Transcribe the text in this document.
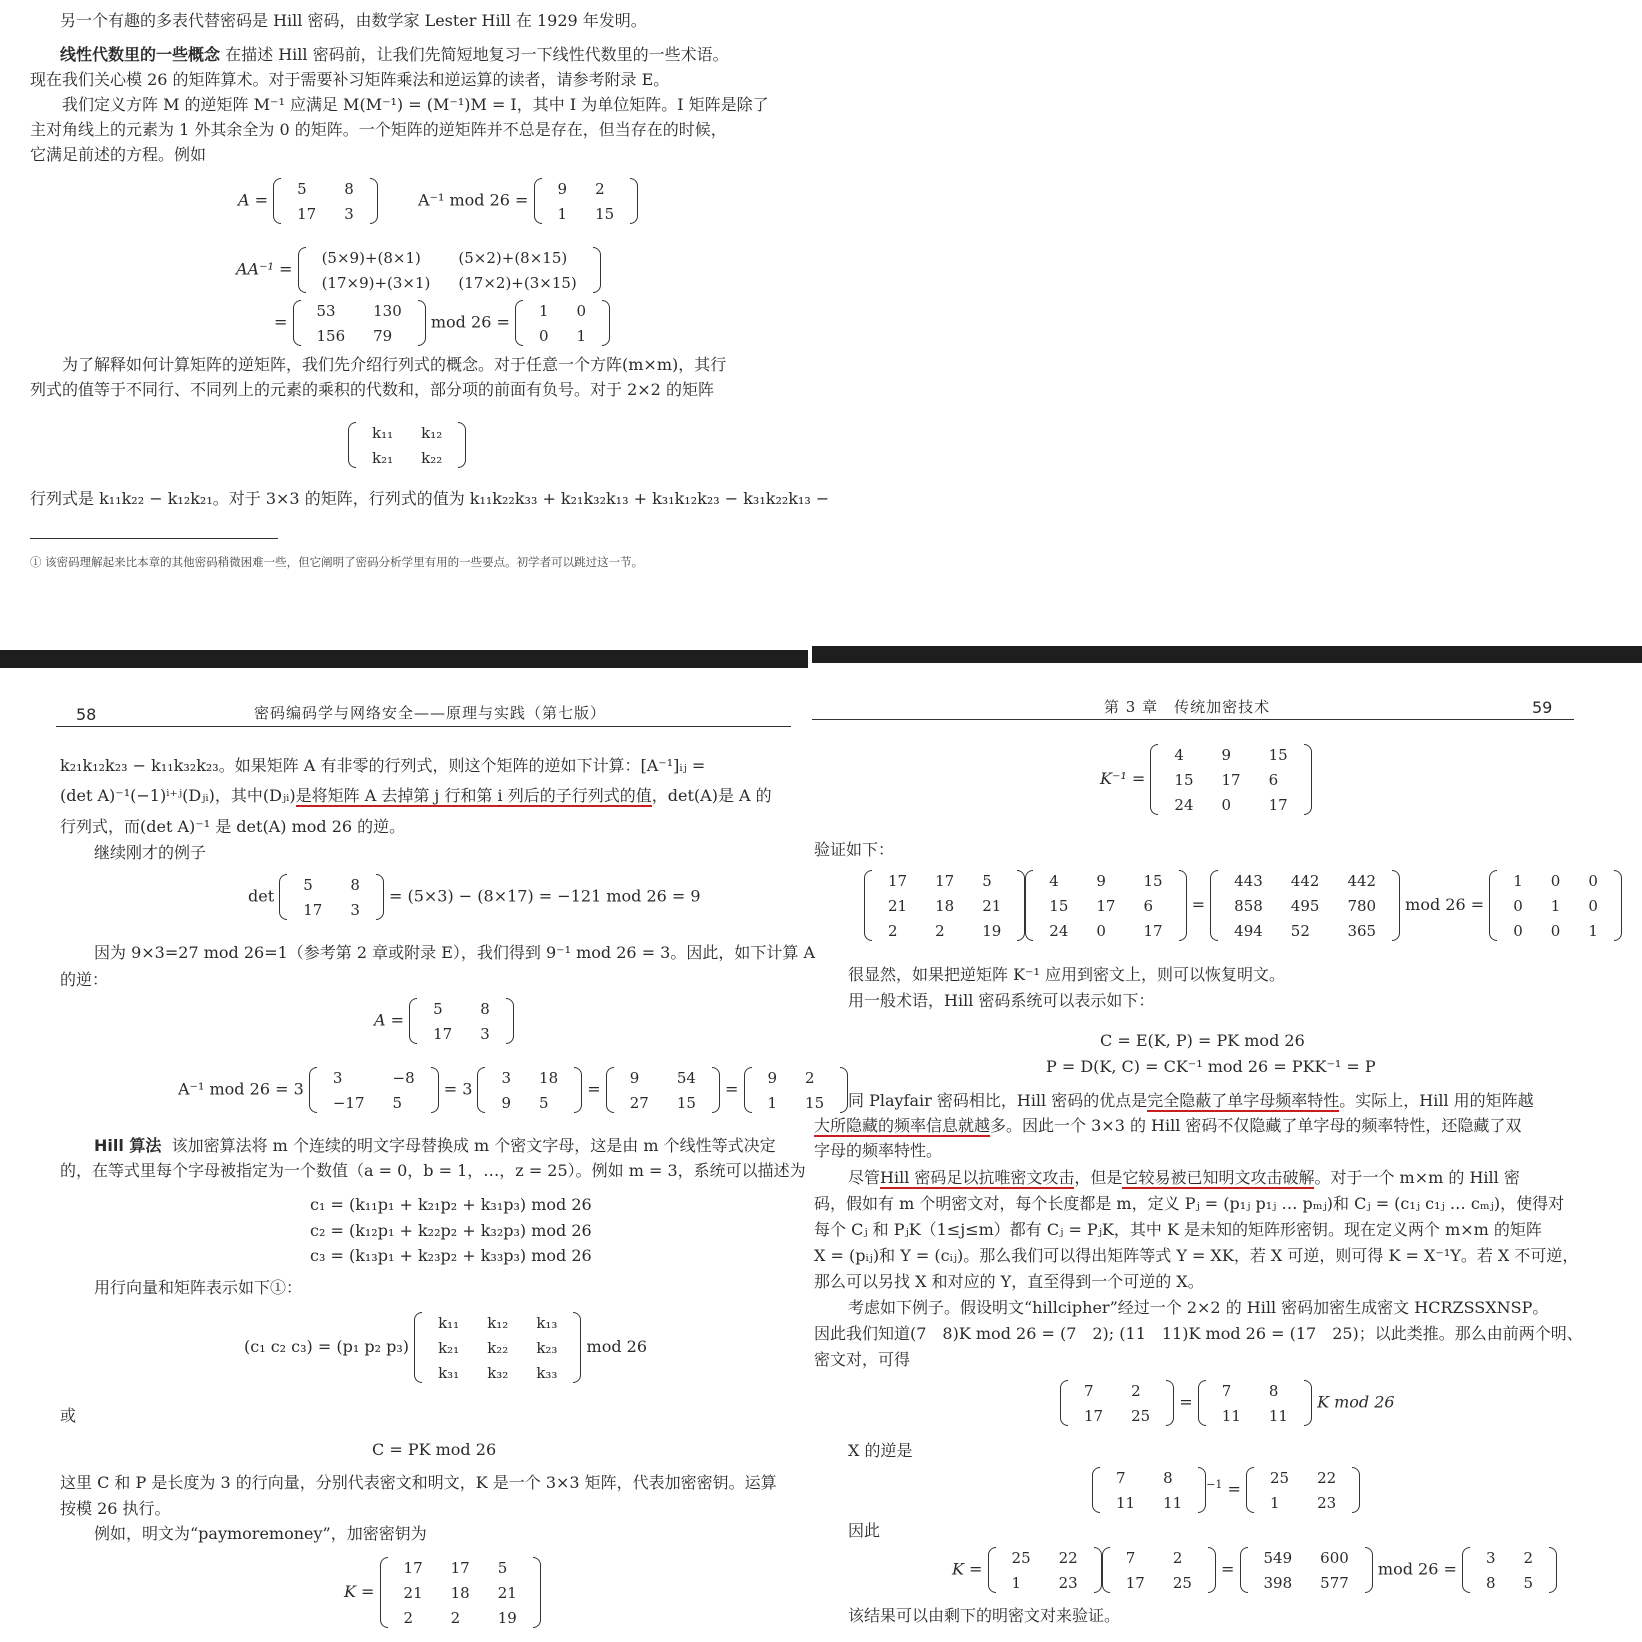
另一个有趣的多表代替密码是 Hill 密码，由数学家 Lester Hill 在 1929 年发明。
线性代数里的一些概念 在描述 Hill 密码前，让我们先简短地复习一下线性代数里的一些术语。
现在我们关心模 26 的矩阵算术。对于需要补习矩阵乘法和逆运算的读者，请参考附录 E。
我们定义方阵 M 的逆矩阵 M⁻¹ 应满足 M(M⁻¹) = (M⁻¹)M = I，其中 I 为单位矩阵。I 矩阵是除了
主对角线上的元素为 1 外其余全为 0 的矩阵。一个矩阵的逆矩阵并不总是存在，但当存在的时候，
它满足前述的方程。例如
A =
5	8
17	3
A⁻¹ mod 26 =
9	2
1	15
AA⁻¹ =
(5×9)+(8×1)	(5×2)+(8×15)
(17×9)+(3×1)	(17×2)+(3×15)
=
53	130
156	79
mod 26 =
1	0
0	1
为了解释如何计算矩阵的逆矩阵，我们先介绍行列式的概念。对于任意一个方阵(m×m)，其行
列式的值等于不同行、不同列上的元素的乘积的代数和，部分项的前面有负号。对于 2×2 的矩阵
k₁₁	k₁₂
k₂₁	k₂₂
行列式是 k₁₁k₂₂ − k₁₂k₂₁。对于 3×3 的矩阵，行列式的值为 k₁₁k₂₂k₃₃ + k₂₁k₃₂k₁₃ + k₃₁k₁₂k₂₃ − k₃₁k₂₂k₁₃ −
① 该密码理解起来比本章的其他密码稍微困难一些，但它阐明了密码分析学里有用的一些要点。初学者可以跳过这一节。
58	密码编码学与网络安全——原理与实践（第七版）
k₂₁k₁₂k₂₃ − k₁₁k₃₂k₂₃。如果矩阵 A 有非零的行列式，则这个矩阵的逆如下计算：[A⁻¹]ᵢⱼ =
(det A)⁻¹(−1)ⁱ⁺ʲ(Dⱼᵢ)，其中(Dⱼᵢ)是将矩阵 A 去掉第 j 行和第 i 列后的子行列式的值，det(A)是 A 的
行列式，而(det A)⁻¹ 是 det(A) mod 26 的逆。
继续刚才的例子
det
5	8
17	3
= (5×3) − (8×17) = −121 mod 26 = 9
因为 9×3=27 mod 26=1（参考第 2 章或附录 E），我们得到 9⁻¹ mod 26 = 3。因此，如下计算 A
的逆：
A =
5	8
17	3
A⁻¹ mod 26 = 3
3	−8
−17	5
= 3
3	18
9	5
=
9	54
27	15
=
9	2
1	15
Hill 算法 该加密算法将 m 个连续的明文字母替换成 m 个密文字母，这是由 m 个线性等式决定
的，在等式里每个字母被指定为一个数值（a = 0，b = 1，…，z = 25）。例如 m = 3，系统可以描述为
c₁ = (k₁₁p₁ + k₂₁p₂ + k₃₁p₃) mod 26
c₂ = (k₁₂p₁ + k₂₂p₂ + k₃₂p₃) mod 26
c₃ = (k₁₃p₁ + k₂₃p₂ + k₃₃p₃) mod 26
用行向量和矩阵表示如下①：
(c₁ c₂ c₃) = (p₁ p₂ p₃)
k₁₁	k₁₂	k₁₃
k₂₁	k₂₂	k₂₃
k₃₁	k₃₂	k₃₃
mod 26
或
C = PK mod 26
这里 C 和 P 是长度为 3 的行向量，分别代表密文和明文，K 是一个 3×3 矩阵，代表加密密钥。运算
按模 26 执行。
例如，明文为“paymoremoney”，加密密钥为
K =
17	17	5
21	18	21
2	2	19
第 3 章　传统加密技术	59
K⁻¹ =
4	9	15
15	17	6
24	0	17
验证如下：
17	17	5
21	18	21
2	2	19
4	9	15
15	17	6
24	0	17
=
443	442	442
858	495	780
494	52	365
mod 26 =
1	0	0
0	1	0
0	0	1
很显然，如果把逆矩阵 K⁻¹ 应用到密文上，则可以恢复明文。
用一般术语，Hill 密码系统可以表示如下：
C = E(K, P) = PK mod 26
P = D(K, C) = CK⁻¹ mod 26 = PKK⁻¹ = P
同 Playfair 密码相比，Hill 密码的优点是完全隐蔽了单字母频率特性。实际上，Hill 用的矩阵越
大所隐藏的频率信息就越多。因此一个 3×3 的 Hill 密码不仅隐藏了单字母的频率特性，还隐藏了双
字母的频率特性。
尽管Hill 密码足以抗唯密文攻击，但是它较易被已知明文攻击破解。对于一个 m×m 的 Hill 密
码，假如有 m 个明密文对，每个长度都是 m，定义 Pⱼ = (p₁ⱼ p₁ⱼ … pₘⱼ)和 Cⱼ = (c₁ⱼ c₁ⱼ … cₘⱼ)，使得对
每个 Cⱼ 和 PⱼK（1≤j≤m）都有 Cⱼ = PⱼK，其中 K 是未知的矩阵形密钥。现在定义两个 m×m 的矩阵
X = (pᵢⱼ)和 Y = (cᵢⱼ)。那么我们可以得出矩阵等式 Y = XK，若 X 可逆，则可得 K = X⁻¹Y。若 X 不可逆，
那么可以另找 X 和对应的 Y，直至得到一个可逆的 X。
考虑如下例子。假设明文“hillcipher”经过一个 2×2 的 Hill 密码加密生成密文 HCRZSSXNSP。
因此我们知道(7　8)K mod 26 = (7　2); (11　11)K mod 26 = (17　25)；以此类推。那么由前两个明、
密文对，可得
7	2
17	25
=
7	8
11	11
K mod 26
X 的逆是
7	8
11	11
$^{-1}$ =
25	22
1	23
因此
K =
25	22
1	23
7	2
17	25
=
549	600
398	577
mod 26 =
3	2
8	5
该结果可以由剩下的明密文对来验证。
